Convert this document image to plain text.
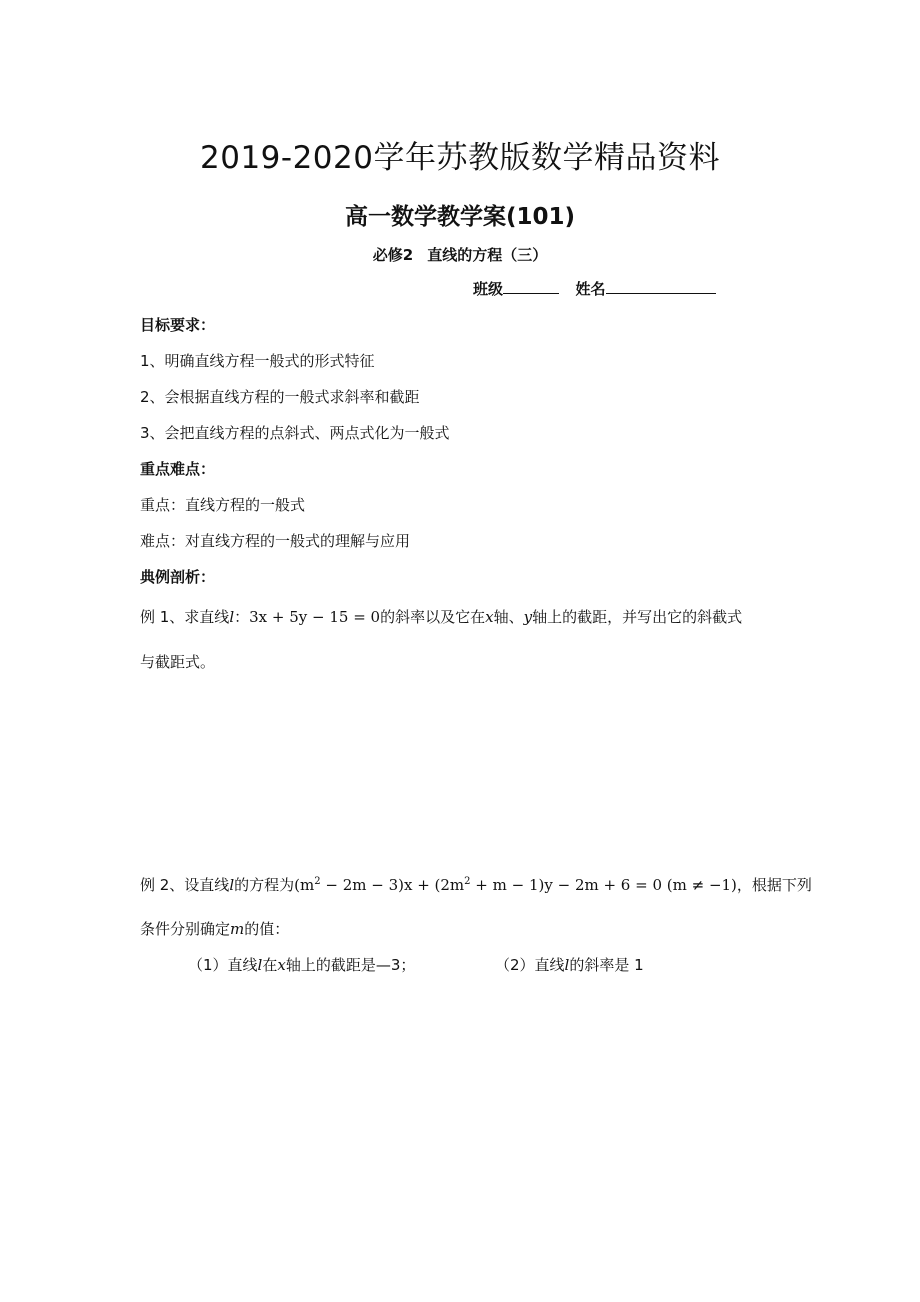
2019-2020学年苏教版数学精品资料
高一数学教学案(101)
必修2 直线的方程（三）
班级	姓名
目标要求：
1、明确直线方程一般式的形式特征
2、会根据直线方程的一般式求斜率和截距
3、会把直线方程的点斜式、两点式化为一般式
重点难点：
重点：直线方程的一般式
难点：对直线方程的一般式的理解与应用
典例剖析：
例 1、求直线l：3x + 5y − 15 = 0的斜率以及它在x轴、y轴上的截距，并写出它的斜截式
与截距式。
例 2、设直线l的方程为$(m^2 - 2m - 3)x + (2m^2 + m - 1)y - 2m + 6 = 0$ (m ≠ −1)，根据下列
条件分别确定m的值：
（1）直线l在x轴上的截距是—3；	（2）直线l的斜率是 1
